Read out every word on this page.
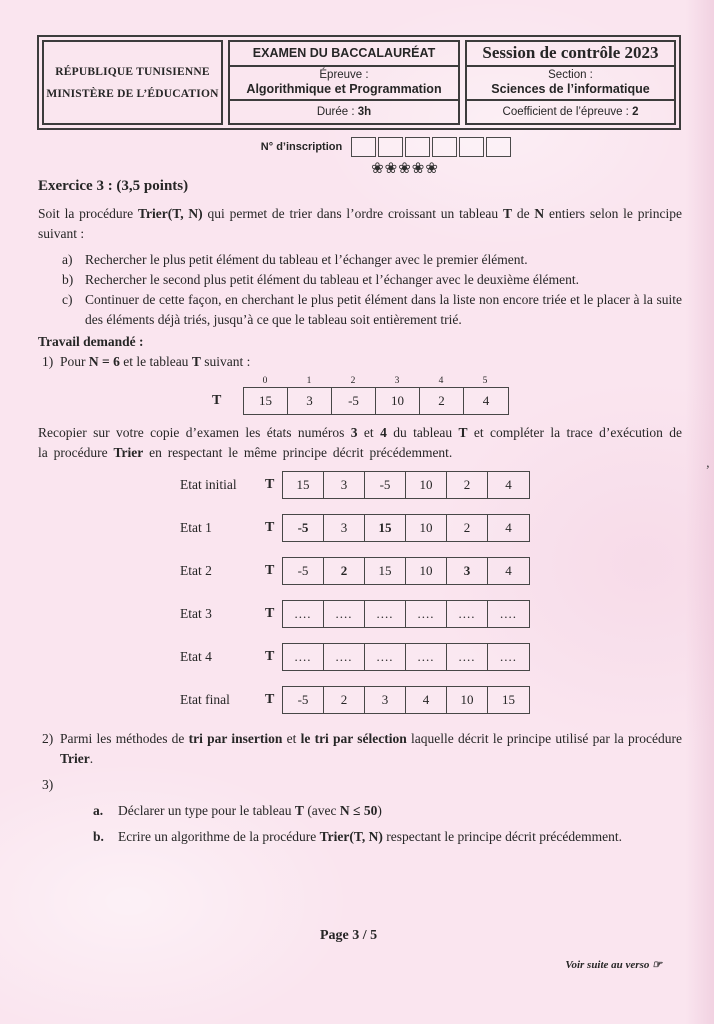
RÉPUBLIQUE TUNISIENNE
MINISTÈRE DE L’ÉDUCATION
EXAMEN DU BACCALAURÉAT
Épreuve :
Algorithmique et Programmation
Durée : 3h
Session de contrôle 2023
Section :
Sciences de l’informatique
Coefficient de l’épreuve : 2
N° d’inscription
❀❀❀❀❀
Exercice 3 : (3,5 points)
Soit la procédure Trier(T, N) qui permet de trier dans l’ordre croissant un tableau T de N entiers selon le principe suivant :
a) Rechercher le plus petit élément du tableau et l’échanger avec le premier élément.
b) Rechercher le second plus petit élément du tableau et l’échanger avec le deuxième élément.
c) Continuer de cette façon, en cherchant le plus petit élément dans la liste non encore triée et le placer à la suite des éléments déjà triés, jusqu’à ce que le tableau soit entièrement trié.
Travail demandé :
1) Pour N = 6 et le tableau T suivant :
0	1	2	3	4	5
T	15	3	-5	10	2	4
Recopier sur votre copie d’examen les états numéros 3 et 4 du tableau T et compléter la trace d’exécution de la procédure Trier en respectant le même principe décrit précédemment.
Etat initial	T	15	3	-5	10	2	4
Etat 1	T	-5	3	15	10	2	4
Etat 2	T	-5	2	15	10	3	4
Etat 3	T	....	....	....	....	....	....
Etat 4	T	....	....	....	....	....	....
Etat final	T	-5	2	3	4	10	15
2) Parmi les méthodes de tri par insertion et le tri par sélection laquelle décrit le principe utilisé par la procédure Trier.
3)
a.	Déclarer un type pour le tableau T (avec N ≤ 50)
b.	Ecrire un algorithme de la procédure Trier(T, N) respectant le principe décrit précédemment.
Page 3 / 5
Voir suite au verso ☞
’
